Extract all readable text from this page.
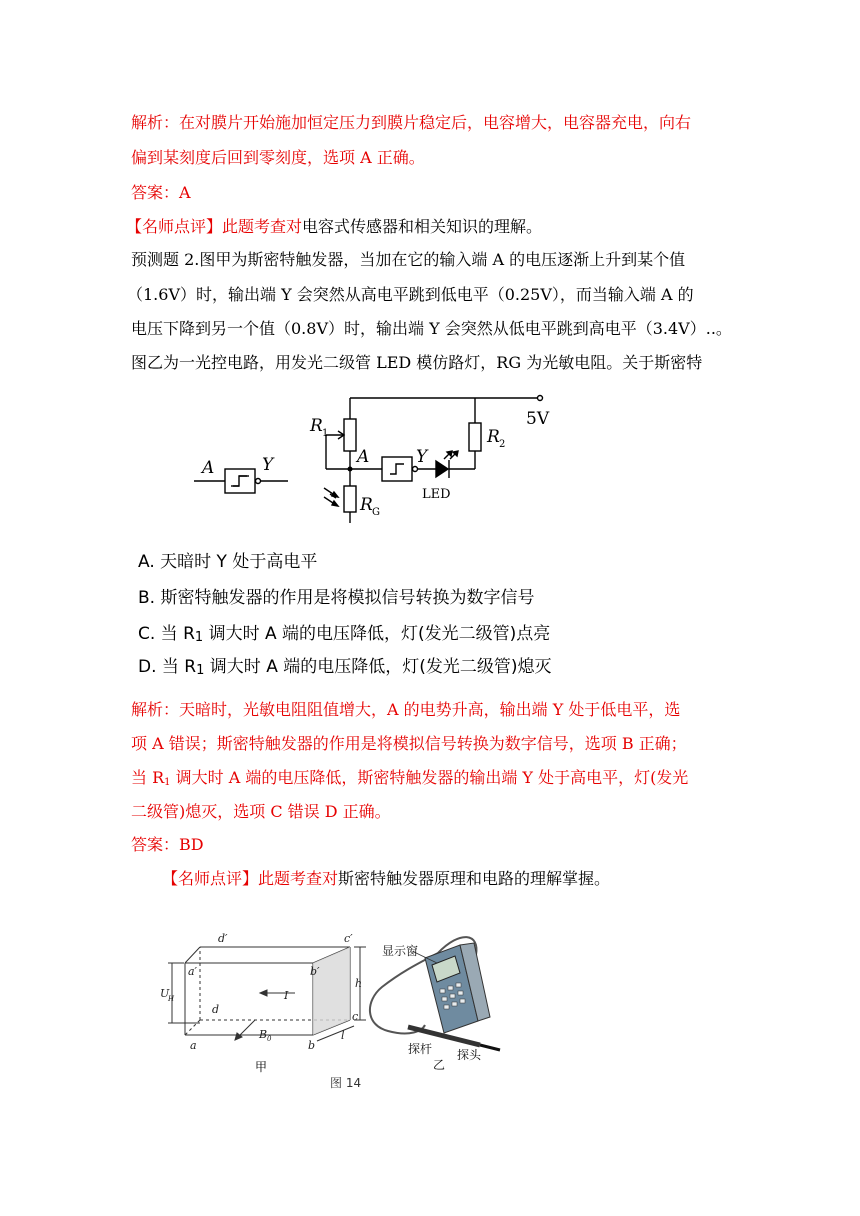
解析：在对膜片开始施加恒定压力到膜片稳定后，电容增大，电容器充电，向右
偏到某刻度后回到零刻度，选项 A 正确。
答案：A
【名师点评】此题考查对电容式传感器和相关知识的理解。
预测题 2.图甲为斯密特触发器，当加在它的输入端 A 的电压逐渐上升到某个值
（1.6V）时，输出端 Y 会突然从高电平跳到低电平（0.25V），而当输入端 A 的
电压下降到另一个值（0.8V）时，输出端 Y 会突然从低电平跳到高电平（3.4V）..。
图乙为一光控电路，用发光二级管 LED 模仿路灯，RG 为光敏电阻。关于斯密特
A	Y
R 1
A	Y
R 2
5V
LED
R G
A. 天暗时 Y 处于高电平
B. 斯密特触发器的作用是将模拟信号转换为数字信号
C. 当 R1 调大时 A 端的电压降低，灯(发光二级管)点亮
D. 当 R1 调大时 A 端的电压降低，灯(发光二级管)熄灭
解析：天暗时，光敏电阻阻值增大，A 的电势升高，输出端 Y 处于低电平，选
项 A 错误；斯密特触发器的作用是将模拟信号转换为数字信号，选项 B 正确；
当 $R_1$ 调大时 A 端的电压降低，斯密特触发器的输出端 Y 处于高电平，灯(发光
二级管)熄灭，选项 C 错误 D 正确。
答案：BD
【名师点评】此题考查对斯密特触发器原理和电路的理解掌握。
d′	c′
a′	b′
d
c
a	b
U
H
h
l
I
B 0
甲
显示窗
探杆 探头
乙
图 14
